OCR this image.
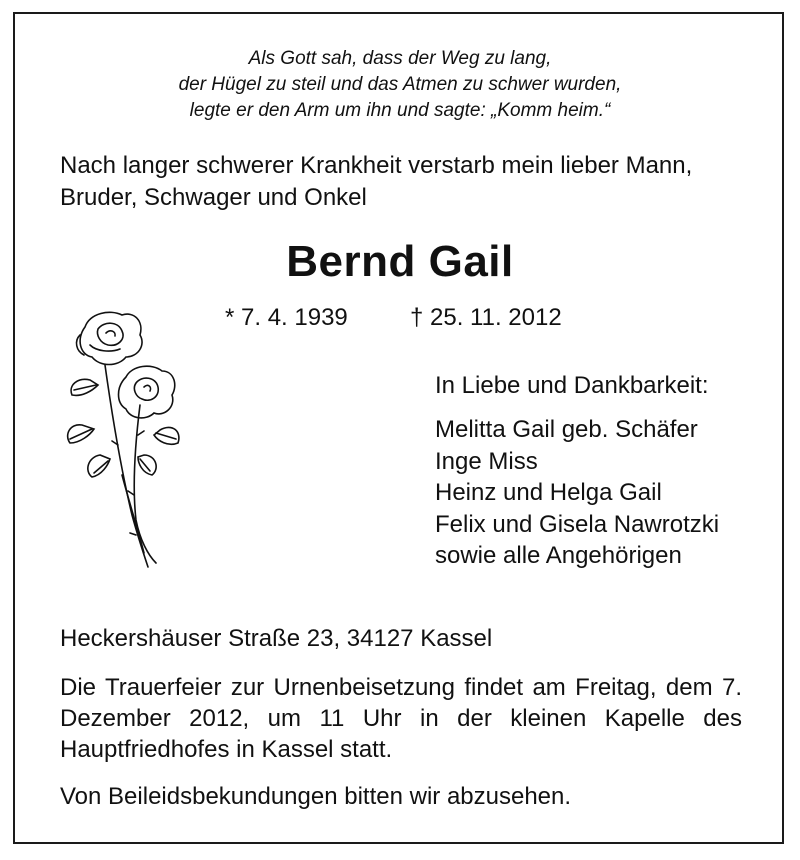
Als Gott sah, dass der Weg zu lang,
der Hügel zu steil und das Atmen zu schwer wurden,
legte er den Arm um ihn und sagte: „Komm heim.“
Nach langer schwerer Krankheit verstarb mein lieber Mann,
Bruder, Schwager und Onkel
Bernd Gail
* 7. 4. 1939	† 25. 11. 2012
In Liebe und Dankbarkeit:
Melitta Gail geb. Schäfer
Inge Miss
Heinz und Helga Gail
Felix und Gisela Nawrotzki
sowie alle Angehörigen
Heckershäuser Straße 23, 34127 Kassel
Die Trauerfeier zur Urnenbeisetzung findet am Freitag, dem 7. Dezember 2012, um 11 Uhr in der kleinen Kapelle des Hauptfriedhofes in Kassel statt.
Von Beileidsbekundungen bitten wir abzusehen.
